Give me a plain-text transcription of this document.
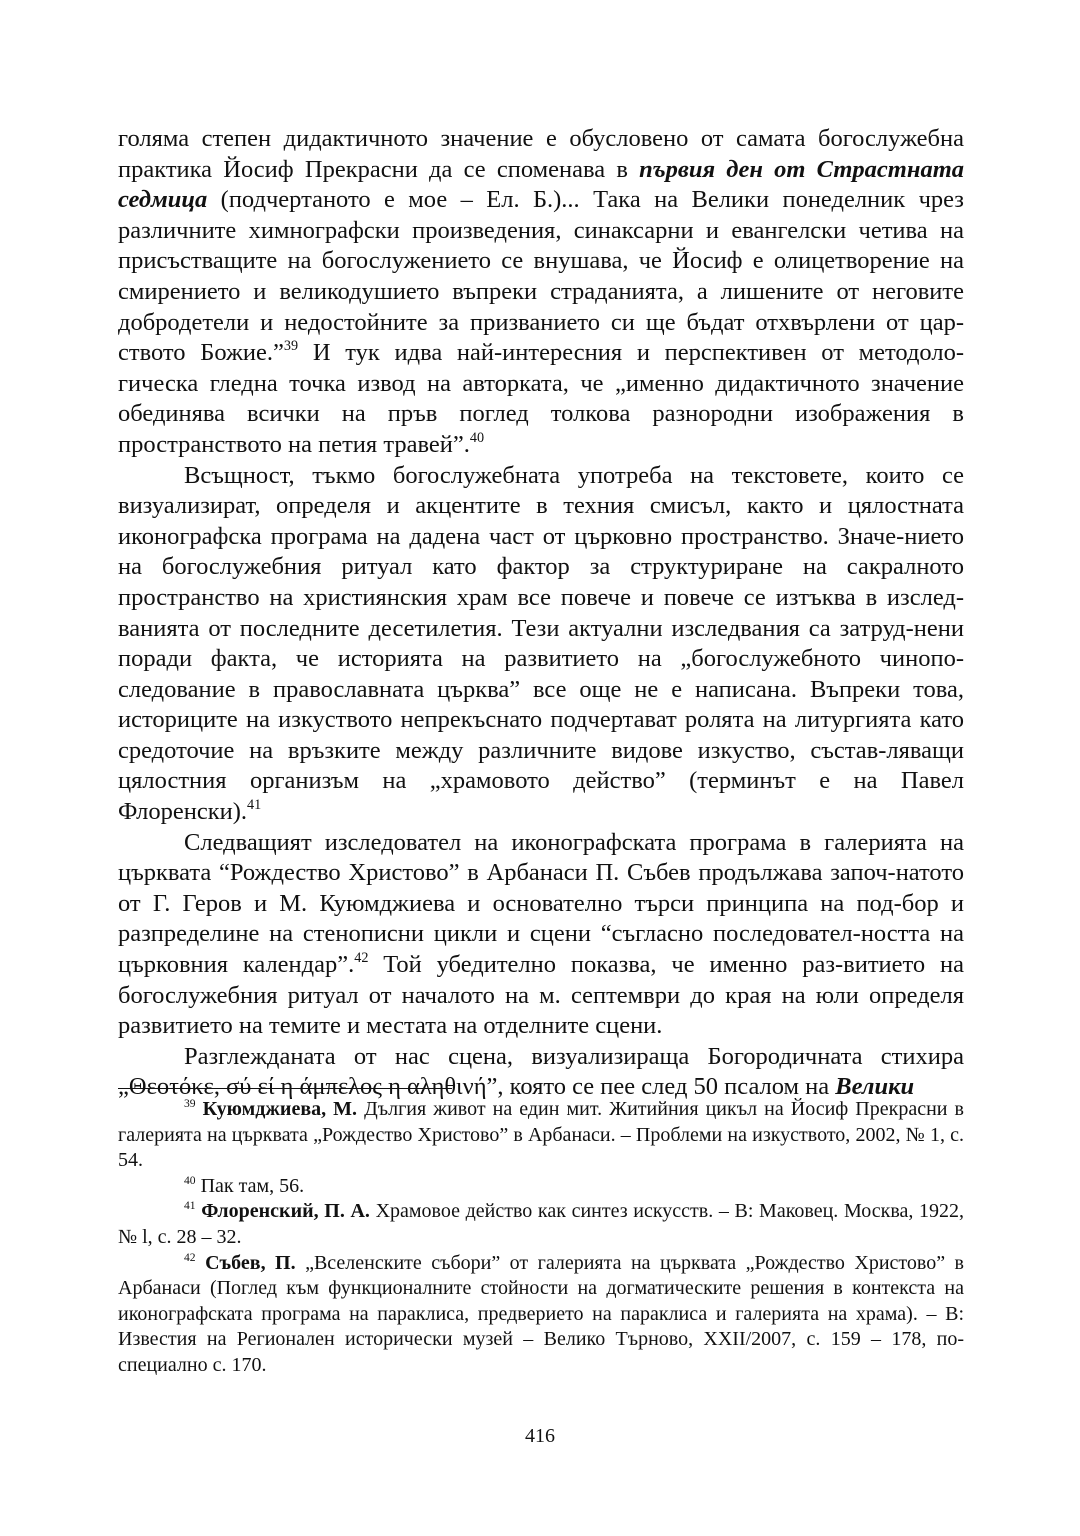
голяма степен дидактичното значение е обусловено от самата богослужебна практика Йосиф Прекрасни да се споменава в първия ден от Страстната седмица (подчертаното е мое – Ел. Б.)... Така на Велики понеделник чрез различните химнографски произведения, синаксарни и евангелски четива на присъстващите на богослужението се внушава, че Йосиф е олицетворение на смирението и великодушието въпреки страданията, а лишените от неговите добродетели и недостойните за призванието си ще бъдат отхвърлени от цар-ството Божие.”$^{39}$ И тук идва най-интересния и перспективен от методоло-гическа гледна точка извод на авторката, че „именно дидактичното значение обединява всички на пръв поглед толкова разнородни изображения в пространството на петия травей”.$^{40}$

Всъщност, тъкмо богослужебната употреба на текстовете, които се визуализират, определя и акцентите в техния смисъл, както и цялостната иконографска програма на дадена част от църковно пространство. Значе-нието на богослужебния ритуал като фактор за структуриране на сакралното пространство на християнския храм все повече и повече се изтъква в изслед-ванията от последните десетилетия. Тези актуални изследвания са затруд-нени поради факта, че историята на развитието на „богослужебното чинопо-следование в православната църква” все още не е написана. Въпреки това, историците на изкуството непрекъснато подчертават ролята на литургията като средоточие на връзките между различните видове изкуство, състав-ляващи цялостния организъм на „храмовото действо” (терминът е на Павел Флоренски).$^{41}$

Следващият изследовател на иконографската програма в галерията на църквата “Рождество Христово” в Арбанаси П. Събев продължава започ-натото от Г. Геров и М. Куюмджиева и основателно търси принципа на под-бор и разпределине на стенописни цикли и сцени “съгласно последовател-ността на църковния календар”.$^{42}$ Той убедително показва, че именно раз-витието на богослужебния ритуал от началото на м. септември до края на юли определя развитието на темите и местата на отделните сцени.

Разглежданата от нас сцена, визуализираща Богородичната стихира „Θεοτόκε, σύ εί η άμπελος η αληθινή”, която се пее след 50 псалом на Велики

$^{39}$ Куюмджиева, М. Дългия живот на един мит. Житийния цикъл на Йосиф Прекрасни в галерията на църквата „Рождество Христово” в Арбанаси. – Проблеми на изкуството, 2002, № 1, с. 54.

$^{40}$ Пак там, 56.

$^{41}$ Флоренский, П. А. Храмовое действо как синтез искусств. – В: Маковец. Москва, 1922, № l, с. 28 – 32.

$^{42}$ Събев, П. „Вселенските събори” от галерията на църквата „Рождество Христово” в Арбанаси (Поглед към функционалните стойности на догматическите решения в контекста на иконографската програма на параклиса, предверието на параклиса и галерията на храма). – В: Известия на Регионален исторически музей – Велико Търново, XXII/2007, с. 159 – 178, по-специално с. 170.

416
